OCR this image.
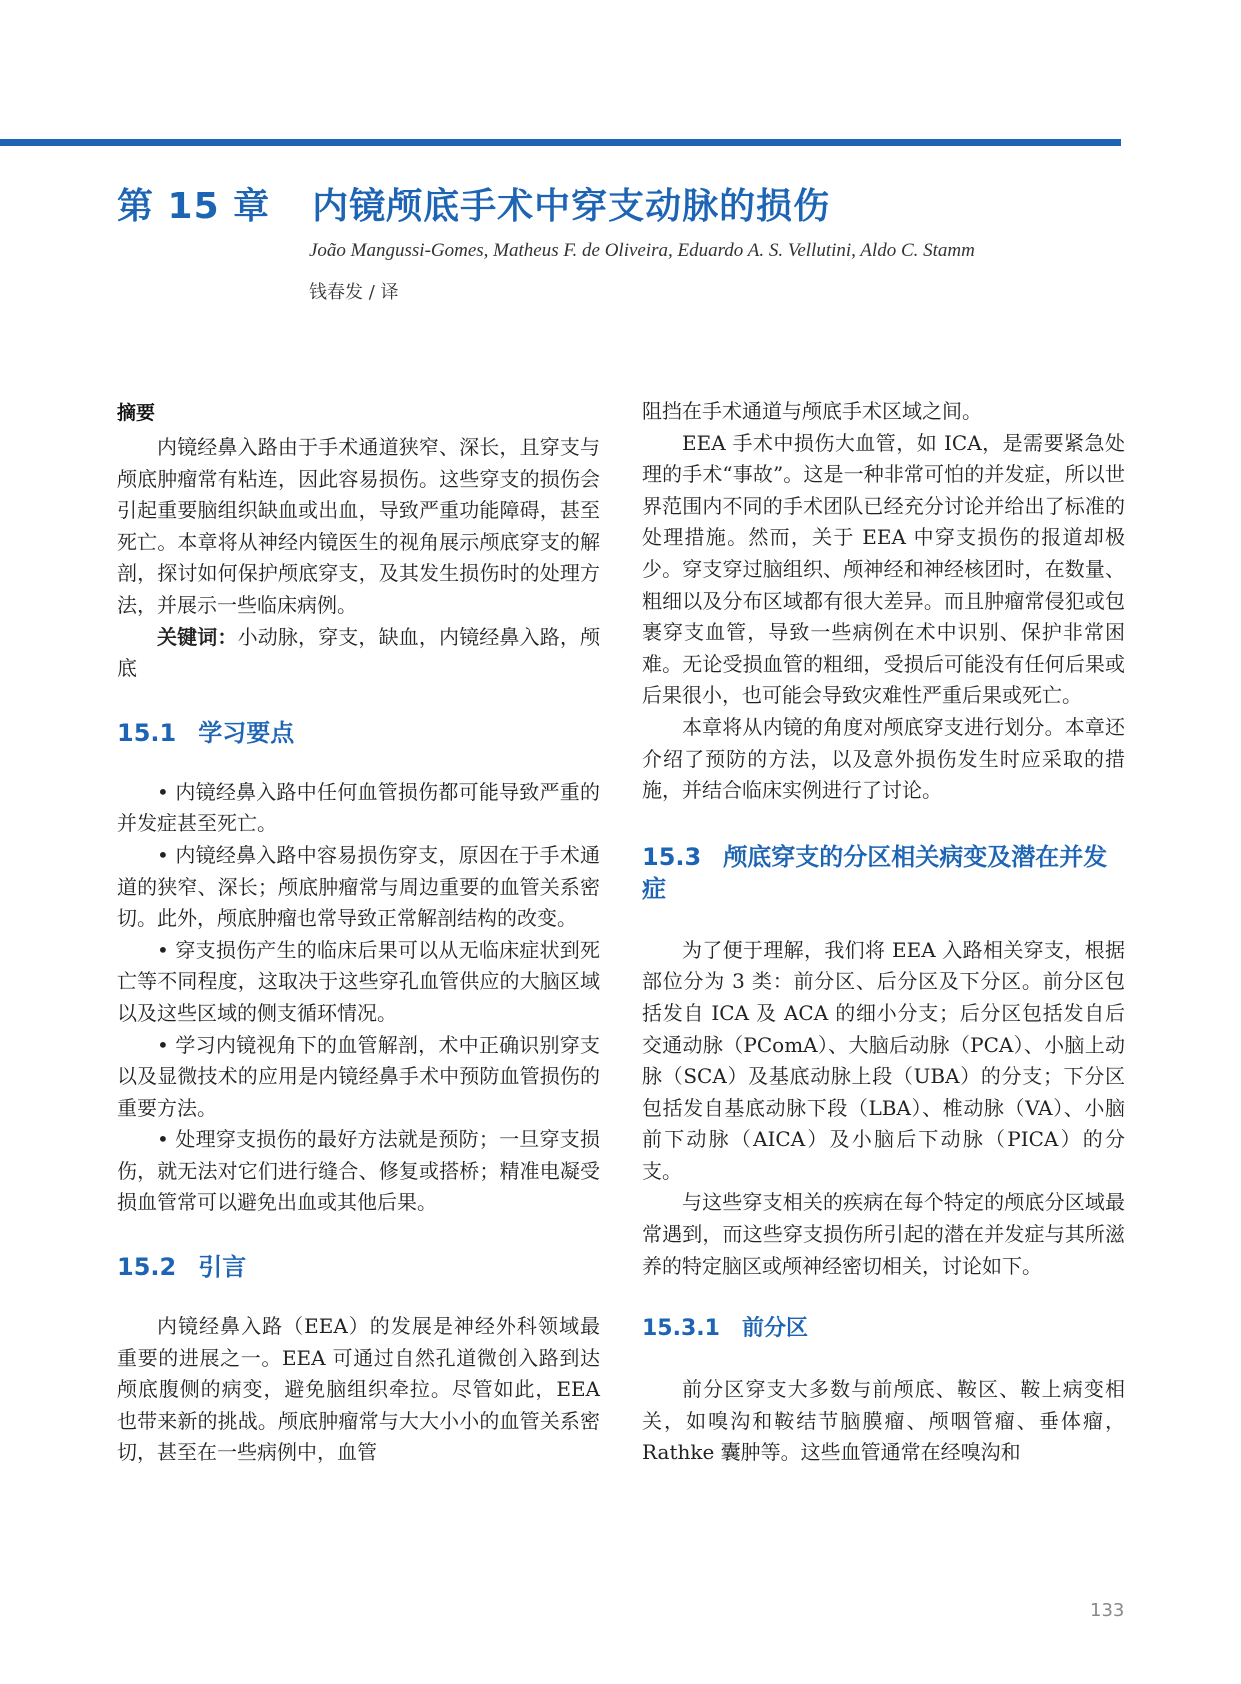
第 15 章 内镜颅底手术中穿支动脉的损伤
João Mangussi-Gomes, Matheus F. de Oliveira, Eduardo A. S. Vellutini, Aldo C. Stamm
钱春发 / 译
摘要

内镜经鼻入路由于手术通道狭窄、深长，且穿支与颅底肿瘤常有粘连，因此容易损伤。这些穿支的损伤会引起重要脑组织缺血或出血，导致严重功能障碍，甚至死亡。本章将从神经内镜医生的视角展示颅底穿支的解剖，探讨如何保护颅底穿支，及其发生损伤时的处理方法，并展示一些临床病例。

关键词：小动脉，穿支，缺血，内镜经鼻入路，颅底

15.1 学习要点

• 内镜经鼻入路中任何血管损伤都可能导致严重的并发症甚至死亡。

• 内镜经鼻入路中容易损伤穿支，原因在于手术通道的狭窄、深长；颅底肿瘤常与周边重要的血管关系密切。此外，颅底肿瘤也常导致正常解剖结构的改变。

• 穿支损伤产生的临床后果可以从无临床症状到死亡等不同程度，这取决于这些穿孔血管供应的大脑区域以及这些区域的侧支循环情况。

• 学习内镜视角下的血管解剖，术中正确识别穿支以及显微技术的应用是内镜经鼻手术中预防血管损伤的重要方法。

• 处理穿支损伤的最好方法就是预防；一旦穿支损伤，就无法对它们进行缝合、修复或搭桥；精准电凝受损血管常可以避免出血或其他后果。

15.2 引言

内镜经鼻入路（EEA）的发展是神经外科领域最重要的进展之一。EEA 可通过自然孔道微创入路到达颅底腹侧的病变，避免脑组织牵拉。尽管如此，EEA 也带来新的挑战。颅底肿瘤常与大大小小的血管关系密切，甚至在一些病例中，血管

阻挡在手术通道与颅底手术区域之间。

EEA 手术中损伤大血管，如 ICA，是需要紧急处理的手术“事故”。这是一种非常可怕的并发症，所以世界范围内不同的手术团队已经充分讨论并给出了标准的处理措施。然而，关于 EEA 中穿支损伤的报道却极少。穿支穿过脑组织、颅神经和神经核团时，在数量、粗细以及分布区域都有很大差异。而且肿瘤常侵犯或包裹穿支血管，导致一些病例在术中识别、保护非常困难。无论受损血管的粗细，受损后可能没有任何后果或后果很小，也可能会导致灾难性严重后果或死亡。

本章将从内镜的角度对颅底穿支进行划分。本章还介绍了预防的方法，以及意外损伤发生时应采取的措施，并结合临床实例进行了讨论。

15.3 颅底穿支的分区相关病变及潜在并发症

为了便于理解，我们将 EEA 入路相关穿支，根据部位分为 3 类：前分区、后分区及下分区。前分区包括发自 ICA 及 ACA 的细小分支；后分区包括发自后交通动脉（PComA）、大脑后动脉（PCA）、小脑上动脉（SCA）及基底动脉上段（UBA）的分支；下分区包括发自基底动脉下段（LBA）、椎动脉（VA）、小脑前下动脉（AICA）及小脑后下动脉（PICA）的分支。

与这些穿支相关的疾病在每个特定的颅底分区域最常遇到，而这些穿支损伤所引起的潜在并发症与其所滋养的特定脑区或颅神经密切相关，讨论如下。

15.3.1 前分区

前分区穿支大多数与前颅底、鞍区、鞍上病变相关，如嗅沟和鞍结节脑膜瘤、颅咽管瘤、垂体瘤，Rathke 囊肿等。这些血管通常在经嗅沟和

133
